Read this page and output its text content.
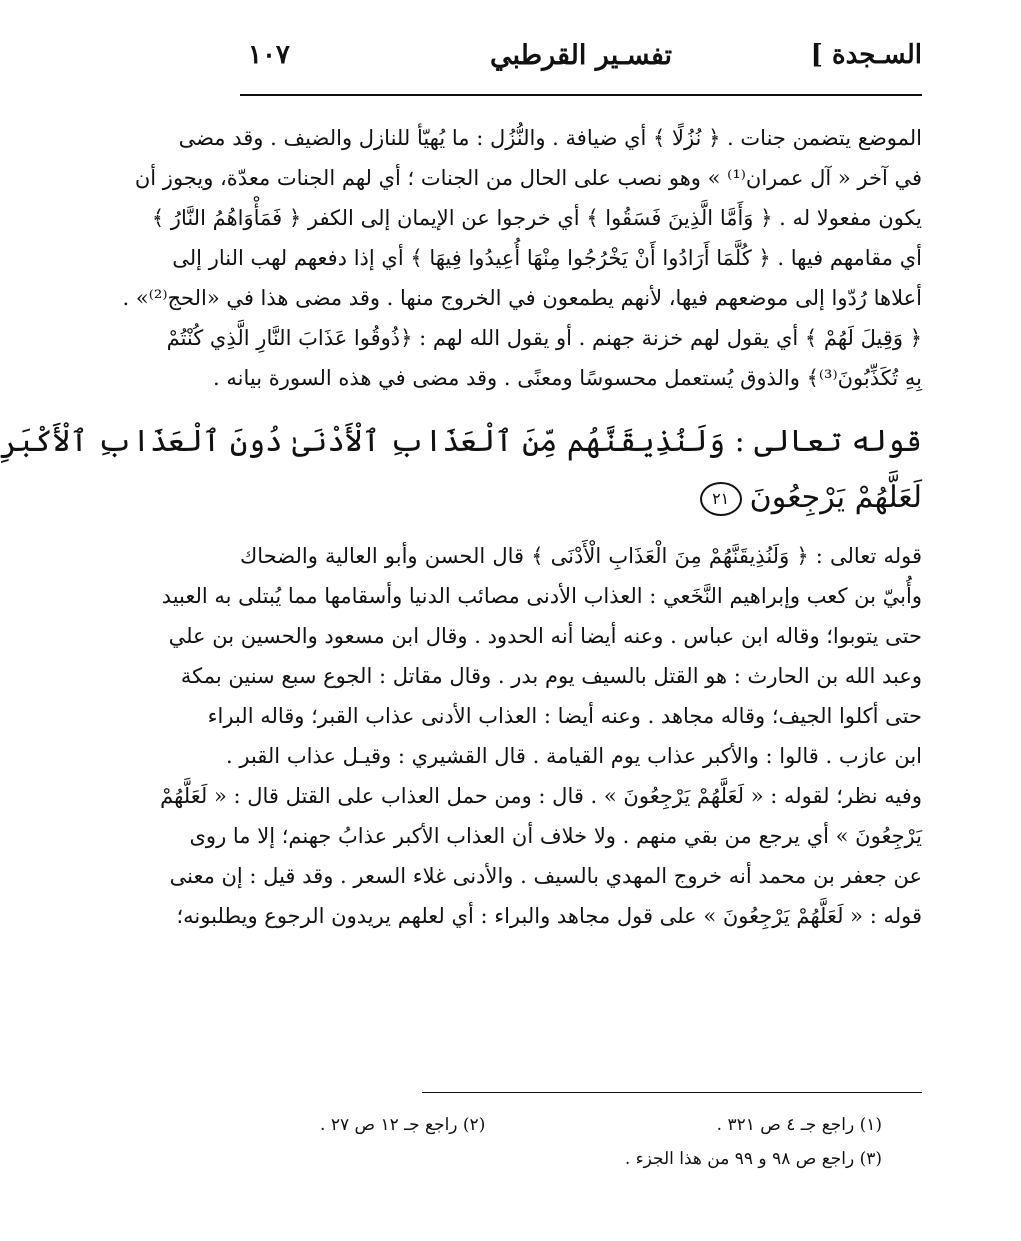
السـجدة ]
تفسـير القرطبي
١٠٧
الموضع يتضمن جنات . ﴿ نُزُلًا ﴾ أي ضيافة . والنُّزُل : ما يُهيّأ للنازل والضيف . وقد مضى
في آخر « آل عمران⁽¹⁾ » وهو نصب على الحال من الجنات ؛ أي لهم الجنات معدّة، ويجوز أن
يكون مفعولا له . ﴿ وَأَمَّا الَّذِينَ فَسَقُوا ﴾ أي خرجوا عن الإيمان إلى الكفر ﴿ فَمَأْوَاهُمُ النَّارُ ﴾
أي مقامهم فيها . ﴿ كُلَّمَا أَرَادُوا أَنْ يَخْرُجُوا مِنْهَا أُعِيدُوا فِيهَا ﴾ أي إذا دفعهم لهب النار إلى
أعلاها رُدّوا إلى موضعهم فيها، لأنهم يطمعون في الخروج منها . وقد مضى هذا في «الحج⁽²⁾» .
﴿ وَقِيلَ لَهُمْ ﴾ أي يقول لهم خزنة جهنم . أو يقول الله لهم : ﴿ذُوقُوا عَذَابَ النَّارِ الَّذِي كُنْتُمْ
بِهِ تُكَذِّبُونَ⁽³⁾﴾ والذوق يُستعمل محسوسًا ومعنًى . وقد مضى في هذه السورة بيانه .
قوله تعالى : وَلَنُذِيقَنَّهُم مِّنَ ٱلْعَذَابِ ٱلْأَدْنَىٰ دُونَ ٱلْعَذَابِ ٱلْأَكْبَرِ
لَعَلَّهُمْ يَرْجِعُونَ٢١
قوله تعالى : ﴿ وَلَنُذِيقَنَّهُمْ مِنَ الْعَذَابِ الْأَدْنَى ﴾ قال الحسن وأبو العالية والضحاك
وأُبيّ بن كعب وإبراهيم النَّخَعي : العذاب الأدنى مصائب الدنيا وأسقامها مما يُبتلى به العبيد
حتى يتوبوا؛ وقاله ابن عباس . وعنه أيضا أنه الحدود . وقال ابن مسعود والحسين بن علي
وعبد الله بن الحارث : هو القتل بالسيف يوم بدر . وقال مقاتل : الجوع سبع سنين بمكة
حتى أكلوا الجيف؛ وقاله مجاهد . وعنه أيضا : العذاب الأدنى عذاب القبر؛ وقاله البراء
ابن عازب . قالوا : والأكبر عذاب يوم القيامة . قال القشيري : وقيـل عذاب القبر .
وفيه نظر؛ لقوله : « لَعَلَّهُمْ يَرْجِعُونَ » . قال : ومن حمل العذاب على القتل قال : « لَعَلَّهُمْ
يَرْجِعُونَ » أي يرجع من بقي منهم . ولا خلاف أن العذاب الأكبر عذابُ جهنم؛ إلا ما روى
عن جعفر بن محمد أنه خروج المهدي بالسيف . والأدنى غلاء السعر . وقد قيل : إن معنى
قوله : « لَعَلَّهُمْ يَرْجِعُونَ » على قول مجاهد والبراء : أي لعلهم يريدون الرجوع ويطلبونه؛
(١) راجع جـ ٤ ص ٣٢١ .
(٢) راجع جـ ١٢ ص ٢٧ .
(٣) راجع ص ٩٨ و ٩٩ من هذا الجزء .
